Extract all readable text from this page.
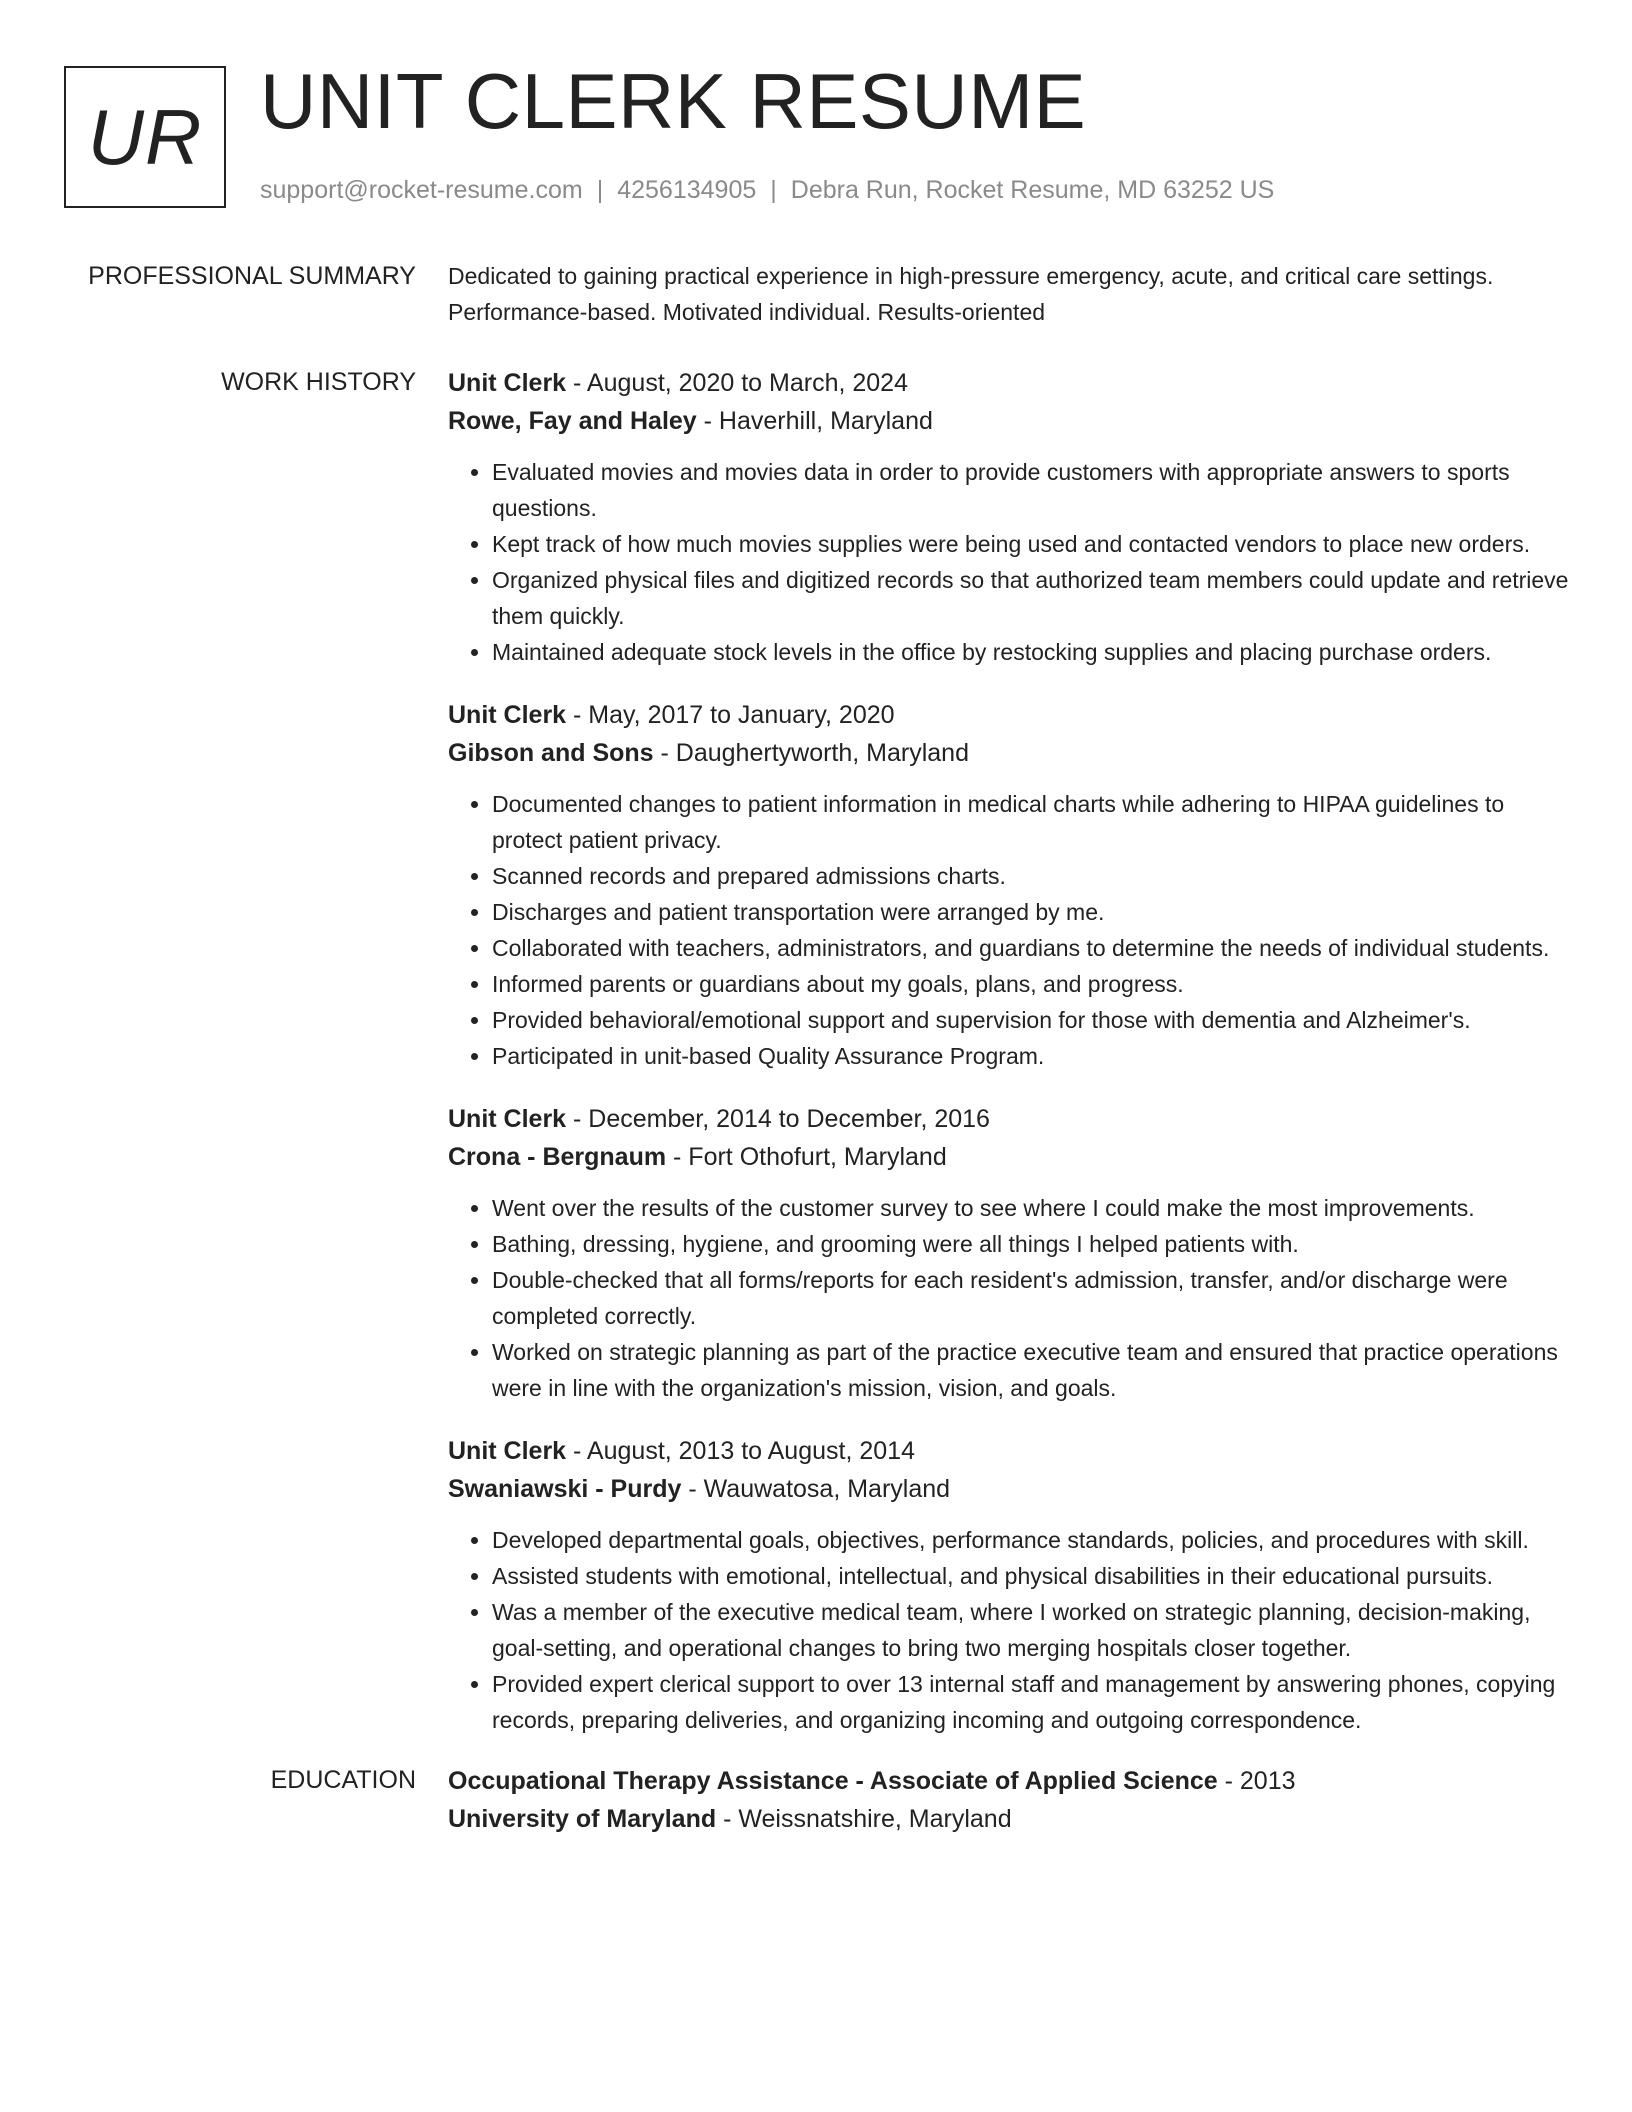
UR UNIT CLERK RESUME
support@rocket-resume.com | 4256134905 | Debra Run, Rocket Resume, MD 63252 US
PROFESSIONAL SUMMARY Dedicated to gaining practical experience in high-pressure emergency, acute, and critical care settings. Performance-based. Motivated individual. Results-oriented

WORK HISTORY Unit Clerk - August, 2020 to March, 2024

Rowe, Fay and Haley - Haverhill, Maryland

• Evaluated movies and movies data in order to provide customers with appropriate answers to sports questions.
• Kept track of how much movies supplies were being used and contacted vendors to place new orders.
• Organized physical files and digitized records so that authorized team members could update and retrieve them quickly.
• Maintained adequate stock levels in the office by restocking supplies and placing purchase orders.

Unit Clerk - May, 2017 to January, 2020

Gibson and Sons - Daughertyworth, Maryland

• Documented changes to patient information in medical charts while adhering to HIPAA guidelines to protect patient privacy.
• Scanned records and prepared admissions charts.
• Discharges and patient transportation were arranged by me.
• Collaborated with teachers, administrators, and guardians to determine the needs of individual students.
• Informed parents or guardians about my goals, plans, and progress.
• Provided behavioral/emotional support and supervision for those with dementia and Alzheimer's.
• Participated in unit-based Quality Assurance Program.

Unit Clerk - December, 2014 to December, 2016

Crona - Bergnaum - Fort Othofurt, Maryland

• Went over the results of the customer survey to see where I could make the most improvements.
• Bathing, dressing, hygiene, and grooming were all things I helped patients with.
• Double-checked that all forms/reports for each resident's admission, transfer, and/or discharge were completed correctly.
• Worked on strategic planning as part of the practice executive team and ensured that practice operations were in line with the organization's mission, vision, and goals.

Unit Clerk - August, 2013 to August, 2014

Swaniawski - Purdy - Wauwatosa, Maryland

• Developed departmental goals, objectives, performance standards, policies, and procedures with skill.
• Assisted students with emotional, intellectual, and physical disabilities in their educational pursuits.
• Was a member of the executive medical team, where I worked on strategic planning, decision-making, goal-setting, and operational changes to bring two merging hospitals closer together.
• Provided expert clerical support to over 13 internal staff and management by answering phones, copying records, preparing deliveries, and organizing incoming and outgoing correspondence.
EDUCATION Occupational Therapy Assistance - Associate of Applied Science - 2013

University of Maryland - Weissnatshire, Maryland
